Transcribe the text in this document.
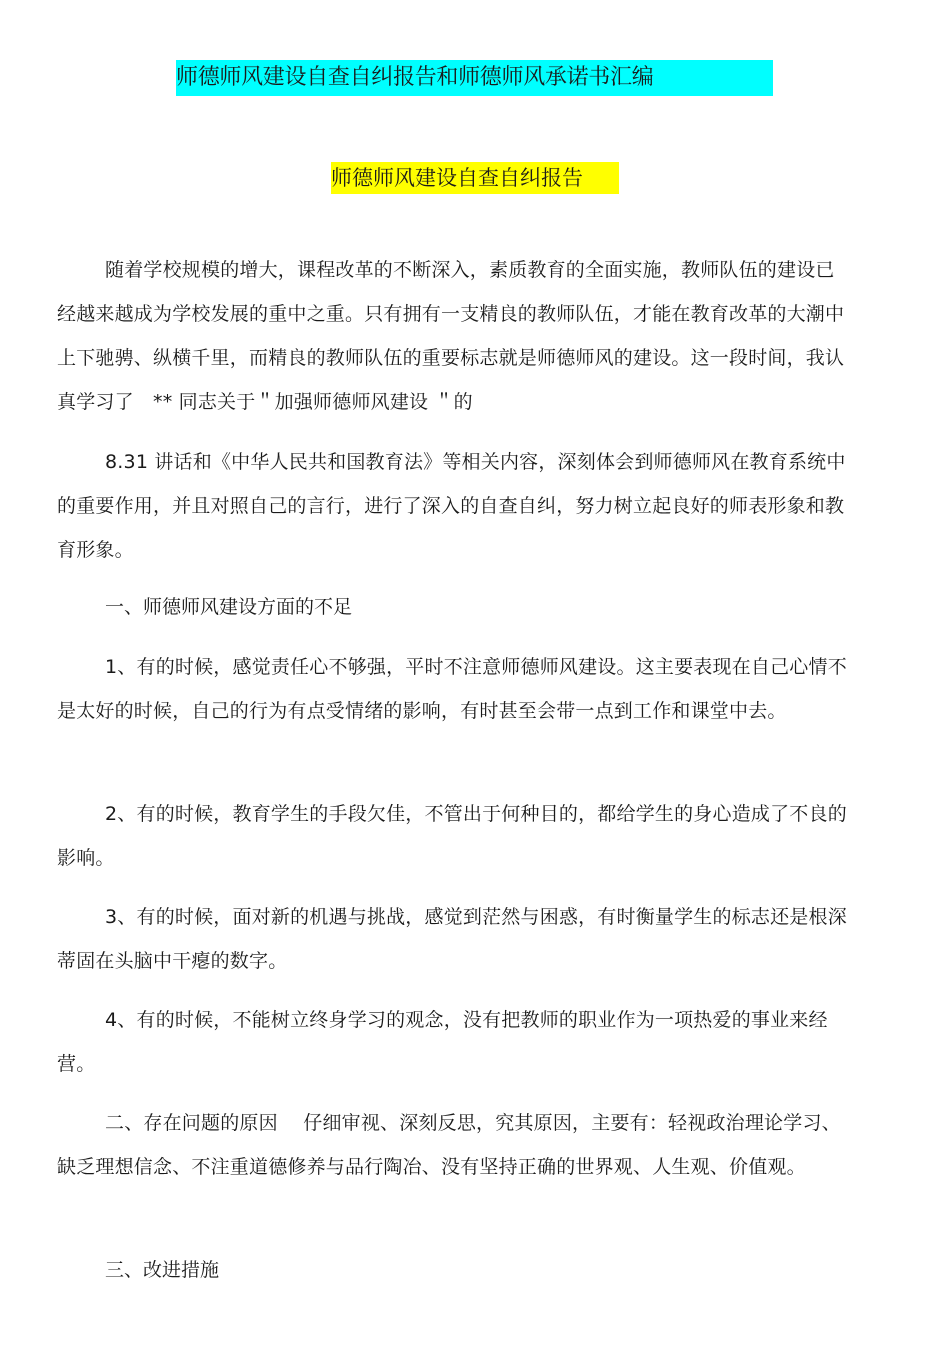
师德师风建设自查自纠报告和师德师风承诺书汇编
师德师风建设自查自纠报告

随着学校规模的增大，课程改革的不断深入，素质教育的全面实施，教师队伍的建设已经越来越成为学校发展的重中之重。只有拥有一支精良的教师队伍，才能在教育改革的大潮中上下驰骋、纵横千里，而精良的教师队伍的重要标志就是师德师风的建设。这一段时间，我认真学习了　** 同志关于＂加强师德师风建设 ＂的

8.31 讲话和《中华人民共和国教育法》等相关内容，深刻体会到师德师风在教育系统中的重要作用，并且对照自己的言行，进行了深入的自查自纠，努力树立起良好的师表形象和教育形象。

一、师德师风建设方面的不足

1、有的时候，感觉责任心不够强，平时不注意师德师风建设。这主要表现在自己心情不是太好的时候，自己的行为有点受情绪的影响，有时甚至会带一点到工作和课堂中去。

2、有的时候，教育学生的手段欠佳，不管出于何种目的，都给学生的身心造成了不良的影响。

3、有的时候，面对新的机遇与挑战，感觉到茫然与困惑，有时衡量学生的标志还是根深蒂固在头脑中干瘪的数字。

4、有的时候，不能树立终身学习的观念，没有把教师的职业作为一项热爱的事业来经营。

二、存在问题的原因　 仔细审视、深刻反思，究其原因，主要有：轻视政治理论学习、缺乏理想信念、不注重道德修养与品行陶冶、没有坚持正确的世界观、人生观、价值观。

三、改进措施
